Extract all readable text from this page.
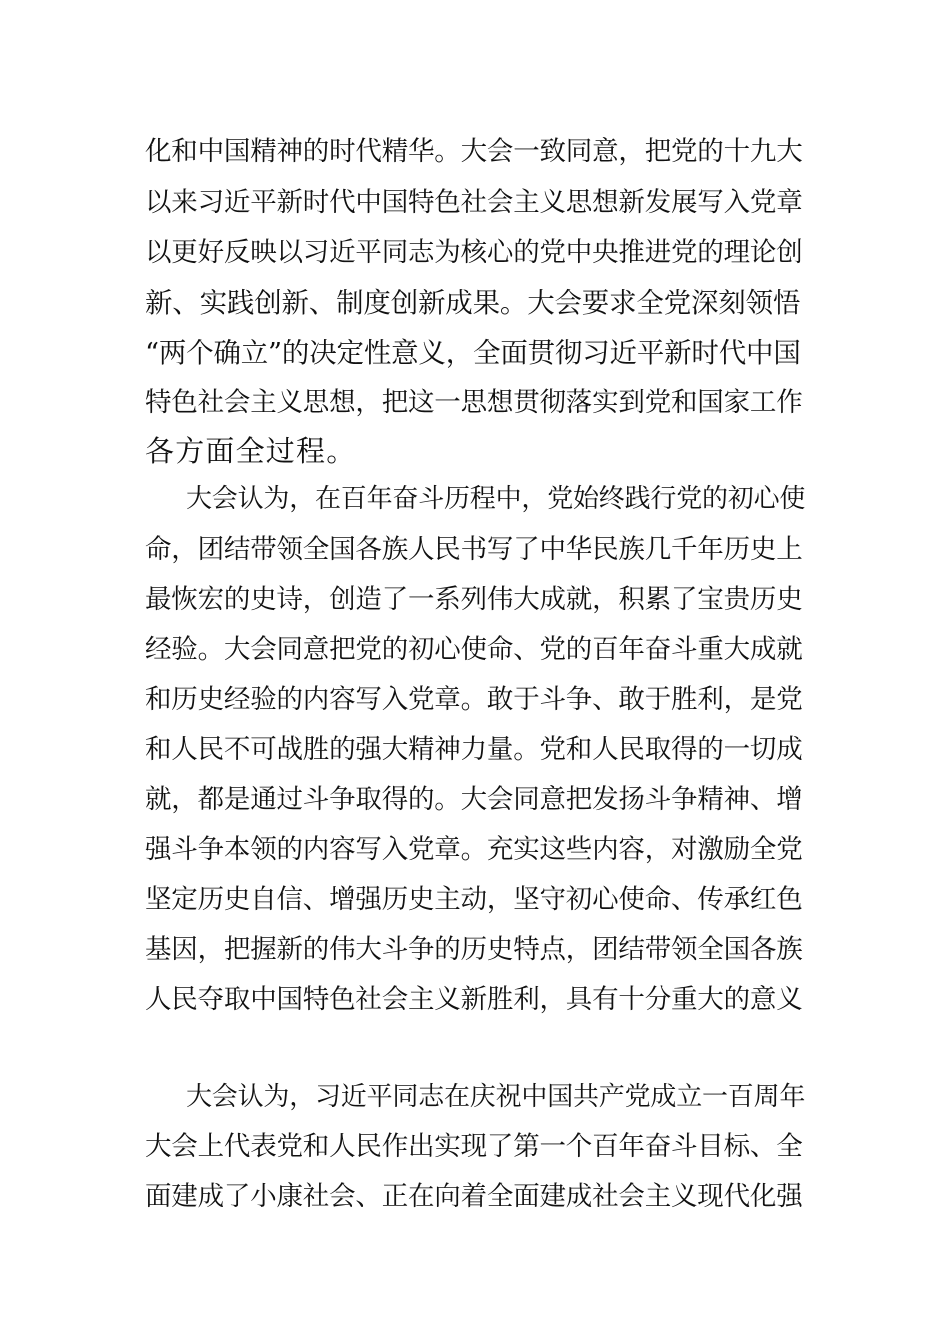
化和中国精神的时代精华。大会一致同意，把党的十九大
以来习近平新时代中国特色社会主义思想新发展写入党章
以更好反映以习近平同志为核心的党中央推进党的理论创
新、实践创新、制度创新成果。大会要求全党深刻领悟
“两个确立”的决定性意义，全面贯彻习近平新时代中国
特色社会主义思想，把这一思想贯彻落实到党和国家工作
各方面全过程。
大会认为，在百年奋斗历程中，党始终践行党的初心使
命，团结带领全国各族人民书写了中华民族几千年历史上
最恢宏的史诗，创造了一系列伟大成就，积累了宝贵历史
经验。大会同意把党的初心使命、党的百年奋斗重大成就
和历史经验的内容写入党章。敢于斗争、敢于胜利，是党
和人民不可战胜的强大精神力量。党和人民取得的一切成
就，都是通过斗争取得的。大会同意把发扬斗争精神、增
强斗争本领的内容写入党章。充实这些内容，对激励全党
坚定历史自信、增强历史主动，坚守初心使命、传承红色
基因，把握新的伟大斗争的历史特点，团结带领全国各族
人民夺取中国特色社会主义新胜利，具有十分重大的意义
大会认为，习近平同志在庆祝中国共产党成立一百周年
大会上代表党和人民作出实现了第一个百年奋斗目标、全
面建成了小康社会、正在向着全面建成社会主义现代化强
